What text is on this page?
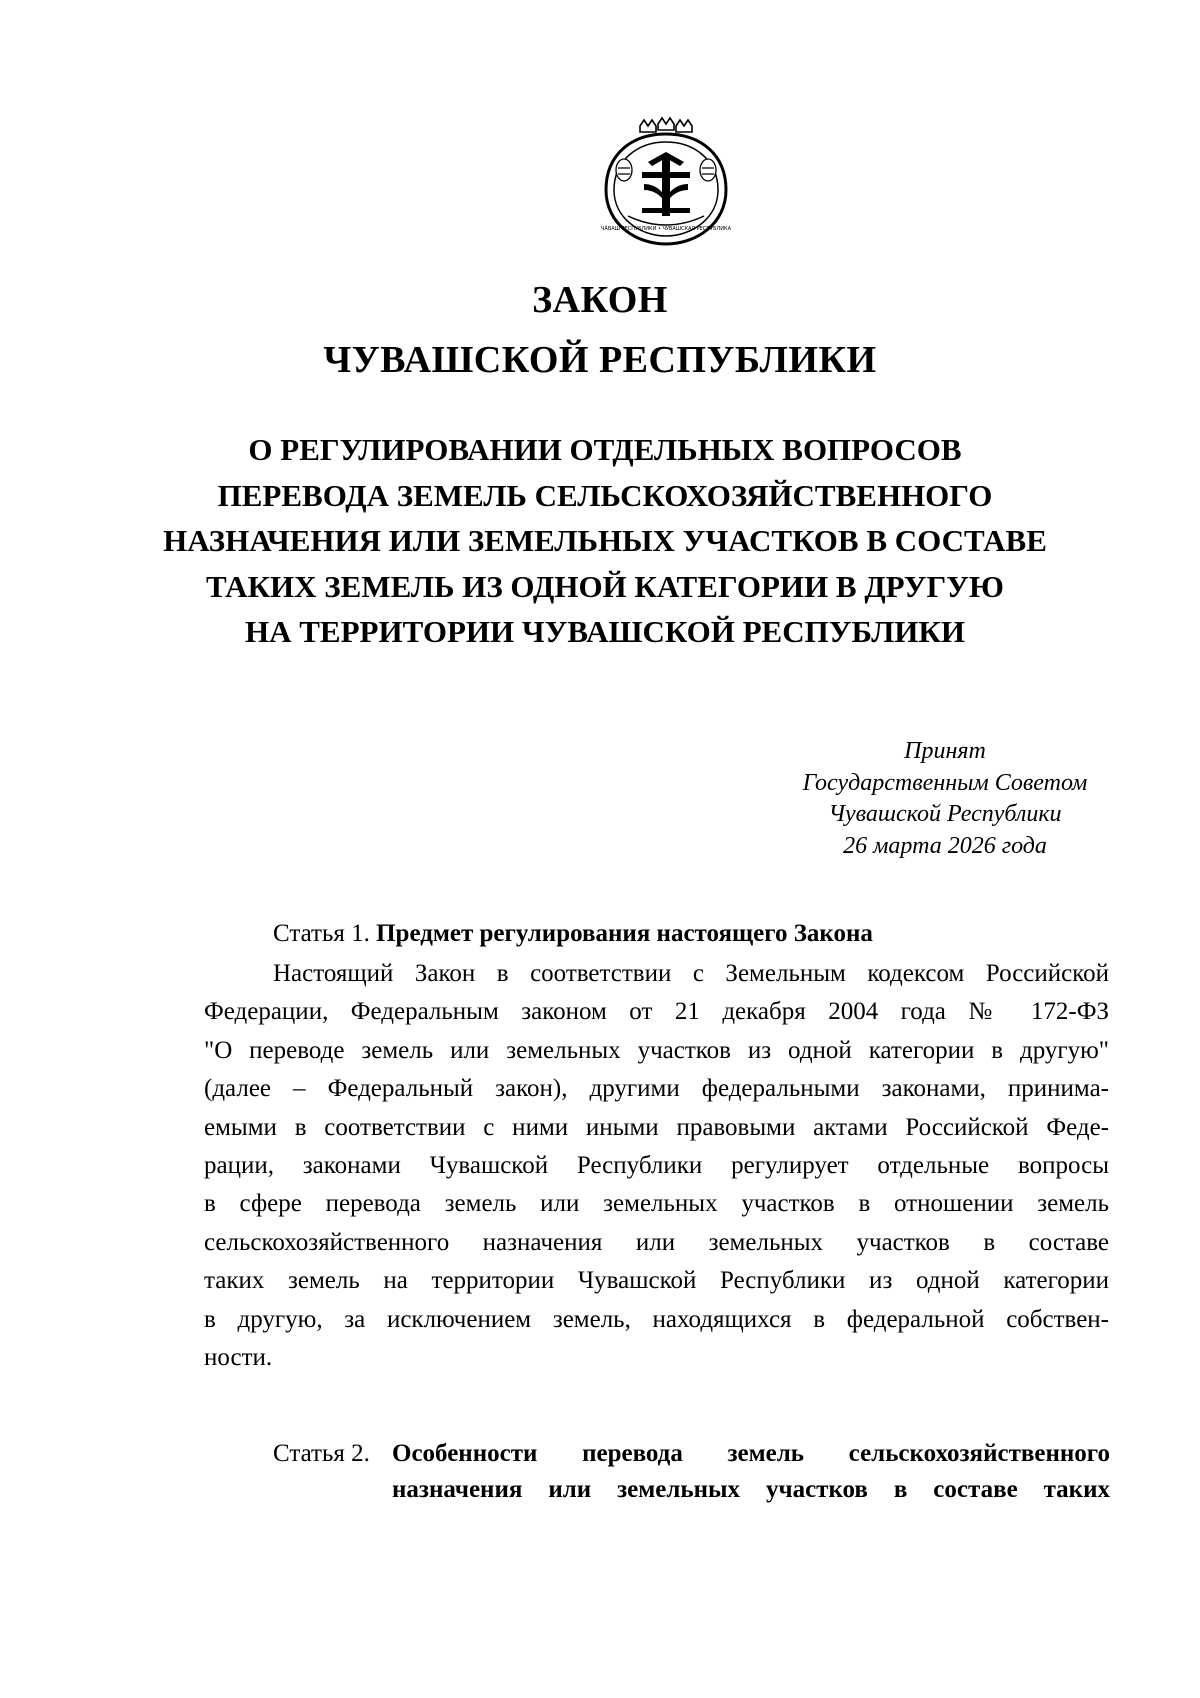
ЧӐВАШ РЕСПУБЛИКИ • ЧУВАШСКАЯ РЕСПУБЛИКА
ЗАКОН
ЧУВАШСКОЙ РЕСПУБЛИКИ
О РЕГУЛИРОВАНИИ ОТДЕЛЬНЫХ ВОПРОСОВ
ПЕРЕВОДА ЗЕМЕЛЬ СЕЛЬСКОХОЗЯЙСТВЕННОГО
НАЗНАЧЕНИЯ ИЛИ ЗЕМЕЛЬНЫХ УЧАСТКОВ В СОСТАВЕ
ТАКИХ ЗЕМЕЛЬ ИЗ ОДНОЙ КАТЕГОРИИ В ДРУГУЮ
НА ТЕРРИТОРИИ ЧУВАШСКОЙ РЕСПУБЛИКИ
Принят
Государственным Советом
Чувашской Республики
26 марта 2026 года
Статья 1. Предмет регулирования настоящего Закона
Настоящий Закон в соответствии с Земельным кодексом Российской
Федерации, Федеральным законом от 21 декабря 2004 года № 172-ФЗ
"О переводе земель или земельных участков из одной категории в другую"
(далее – Федеральный закон), другими федеральными законами, принима-
емыми в соответствии с ними иными правовыми актами Российской Феде-
рации, законами Чувашской Республики регулирует отдельные вопросы
в сфере перевода земель или земельных участков в отношении земель
сельскохозяйственного назначения или земельных участков в составе
таких земель на территории Чувашской Республики из одной категории
в другую, за исключением земель, находящихся в федеральной собствен-
ности.
Статья 2. Особенности перевода земель сельскохозяйственного
назначения или земельных участков в составе таких
